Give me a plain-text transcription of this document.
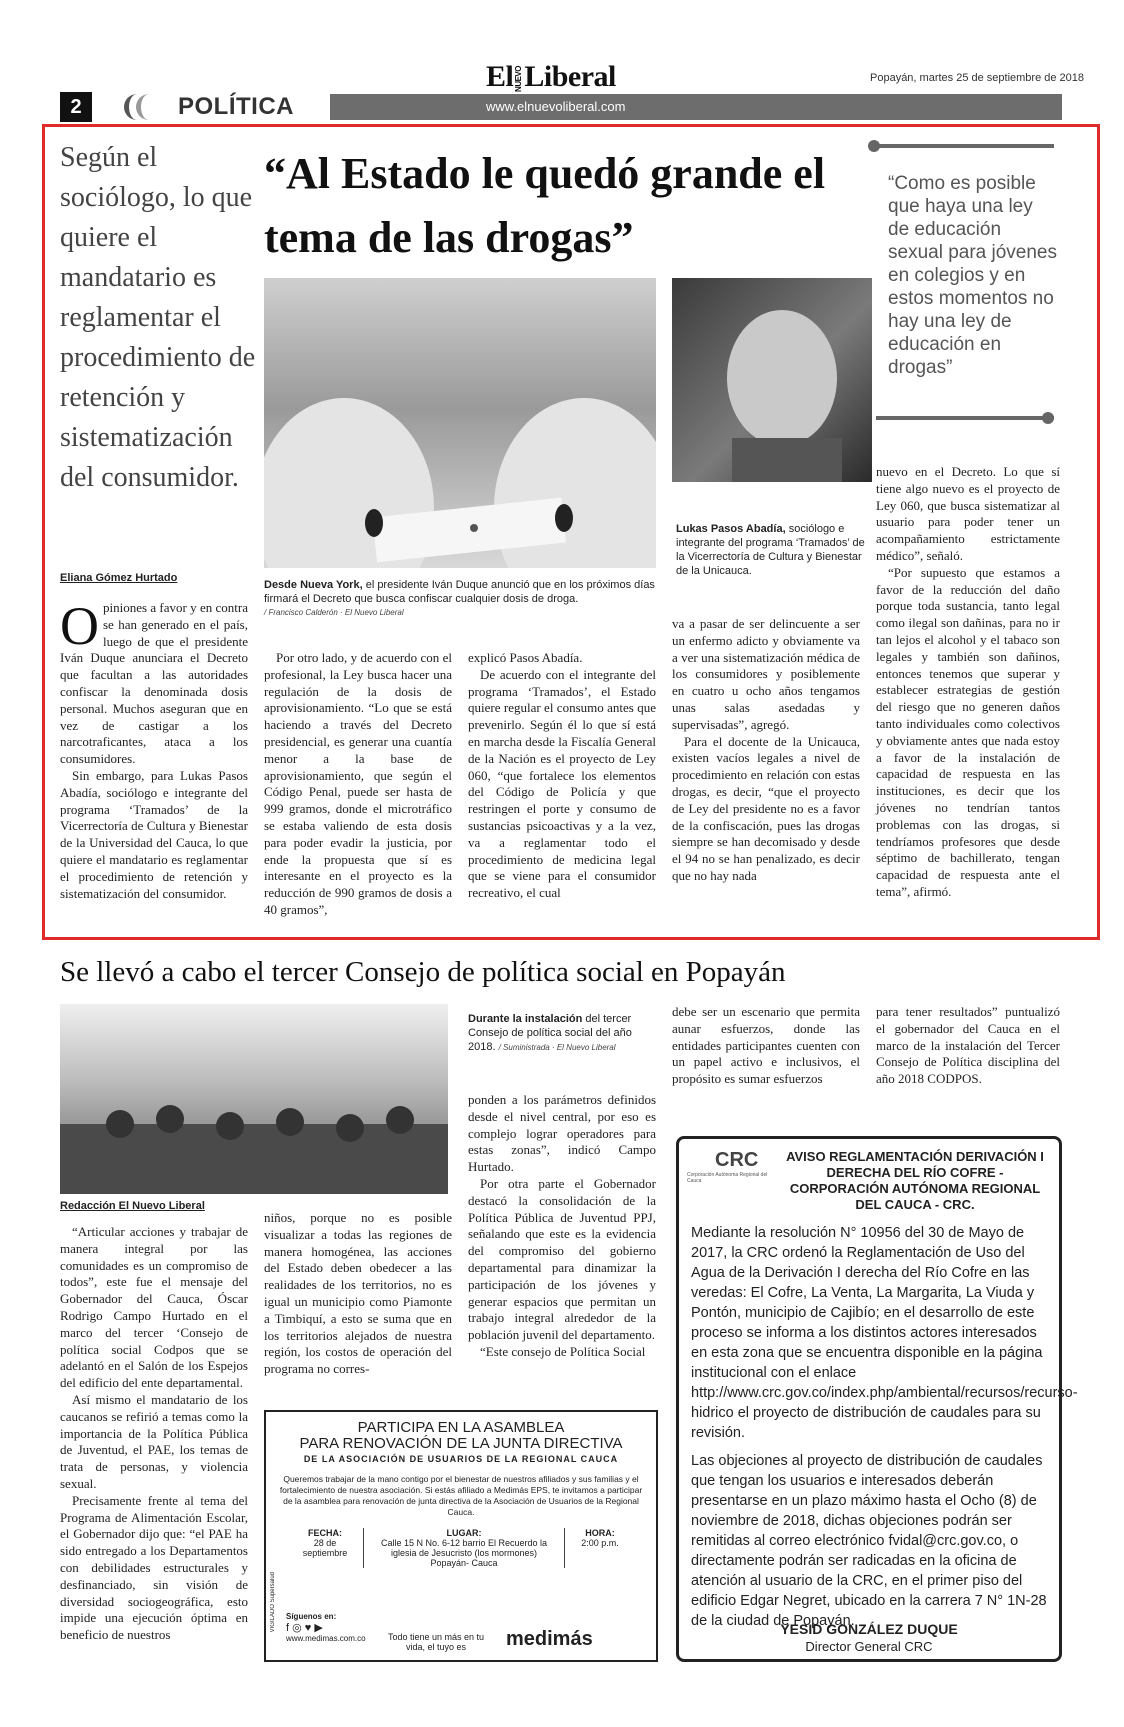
2	POLÍTICA	www.elnuevoliberal.com
ElNUEVOLiberal	Popayán, martes 25 de septiembre de 2018
Según el sociólogo, lo que quiere el mandatario es reglamentar el procedimiento de retención y sistematización del consumidor.
“Al Estado le quedó grande el tema de las drogas”
“Como es posible que haya una ley de educación sexual para jóvenes en colegios y en estos momentos no hay una ley de educación en drogas”
Desde Nueva York, el presidente Iván Duque anunció que en los próximos días firmará el Decreto que busca confiscar cualquier dosis de droga.
/ Francisco Calderón · El Nuevo Liberal
Lukas Pasos Abadía, sociólogo e integrante del programa ‘Tramados’ de la Vicerrectoría de Cultura y Bienestar de la Unicauca.
Eliana Gómez Hurtado
O piniones a favor y en contra se han generado en el país, luego de que el presidente Iván Duque anunciara el Decreto que facultan a las autoridades confiscar la denominada dosis personal. Muchos aseguran que en vez de castigar a los narcotraficantes, ataca a los consumidores.

Sin embargo, para Lukas Pasos Abadía, sociólogo e integrante del programa ‘Tramados’ de la Vicerrectoría de Cultura y Bienestar de la Universidad del Cauca, lo que quiere el mandatario es reglamentar el procedimiento de retención y sistematización del consumidor.

Por otro lado, y de acuerdo con el profesional, la Ley busca hacer una regulación de la dosis de aprovisionamiento. “Lo que se está haciendo a través del Decreto presidencial, es generar una cuantía menor a la base de aprovisionamiento, que según el Código Penal, puede ser hasta de 999 gramos, donde el microtráfico se estaba valiendo de esta dosis para poder evadir la justicia, por ende la propuesta que sí es interesante en el proyecto es la reducción de 990 gramos de dosis a 40 gramos”,

explicó Pasos Abadía.

De acuerdo con el integrante del programa ‘Tramados’, el Estado quiere regular el consumo antes que prevenirlo. Según él lo que sí está en marcha desde la Fiscalía General de la Nación es el proyecto de Ley 060, “que fortalece los elementos del Código de Policía y que restringen el porte y consumo de sustancias psicoactivas y a la vez, va a reglamentar todo el procedimiento de medicina legal que se viene para el consumidor recreativo, el cual

va a pasar de ser delincuente a ser un enfermo adicto y obviamente va a ver una sistematización médica de los consumidores y posiblemente en cuatro u ocho años tengamos unas salas asedadas y supervisadas”, agregó.

Para el docente de la Unicauca, existen vacíos legales a nivel de procedimiento en relación con estas drogas, es decir, “que el proyecto de Ley del presidente no es a favor de la confiscación, pues las drogas siempre se han decomisado y desde el 94 no se han penalizado, es decir que no hay nada

nuevo en el Decreto. Lo que sí tiene algo nuevo es el proyecto de Ley 060, que busca sistematizar al usuario para poder tener un acompañamiento estrictamente médico”, señaló.

“Por supuesto que estamos a favor de la reducción del daño porque toda sustancia, tanto legal como ilegal son dañinas, para no ir tan lejos el alcohol y el tabaco son legales y también son dañinos, entonces tenemos que superar y establecer estrategias de gestión del riesgo que no generen daños tanto individuales como colectivos y obviamente antes que nada estoy a favor de la instalación de capacidad de respuesta en las instituciones, es decir que los jóvenes no tendrían tantos problemas con las drogas, si tendríamos profesores que desde séptimo de bachillerato, tengan capacidad de respuesta ante el tema”, afirmó.

Se llevó a cabo el tercer Consejo de política social en Popayán
Durante la instalación del tercer Consejo de política social del año 2018. / Suministrada · El Nuevo Liberal
Redacción El Nuevo Liberal

“Articular acciones y trabajar de manera integral por las comunidades es un compromiso de todos”, este fue el mensaje del Gobernador del Cauca, Óscar Rodrigo Campo Hurtado en el marco del tercer ‘Consejo de política social Codpos que se adelantó en el Salón de los Espejos del edificio del ente departamental.

Así mismo el mandatario de los caucanos se refirió a temas como la importancia de la Política Pública de Juventud, el PAE, los temas de trata de personas, y violencia sexual.

Precisamente frente al tema del Programa de Alimentación Escolar, el Gobernador dijo que: “el PAE ha sido entregado a los Departamentos con debilidades estructurales y desfinanciado, sin visión de diversidad sociogeográfica, esto impide una ejecución óptima en beneficio de nuestros

niños, porque no es posible visualizar a todas las regiones de manera homogénea, las acciones del Estado deben obedecer a las realidades de los territorios, no es igual un municipio como Piamonte a Timbiquí, a esto se suma que en los territorios alejados de nuestra región, los costos de operación del programa no corres-

ponden a los parámetros definidos desde el nivel central, por eso es complejo lograr operadores para estas zonas”, indicó Campo Hurtado.

Por otra parte el Gobernador destacó la consolidación de la Política Pública de Juventud PPJ, señalando que este es la evidencia del compromiso del gobierno departamental para dinamizar la participación de los jóvenes y generar espacios que permitan un trabajo integral alrededor de la población juvenil del departamento.

“Este consejo de Política Social

debe ser un escenario que permita aunar esfuerzos, donde las entidades participantes cuenten con un papel activo e inclusivos, el propósito es sumar esfuerzos

para tener resultados” puntualizó el gobernador del Cauca en el marco de la instalación del Tercer Consejo de Política disciplina del año 2018 CODPOS.

PARTICIPA EN LA ASAMBLEA
PARA RENOVACIÓN DE LA JUNTA DIRECTIVA
DE LA ASOCIACIÓN DE USUARIOS DE LA REGIONAL CAUCA
Queremos trabajar de la mano contigo por el bienestar de nuestros afiliados y sus familias y el fortalecimiento de nuestra asociación. Si estás afiliado a Medimás EPS, te invitamos a participar de la asamblea para renovación de junta directiva de la Asociación de Usuarios de la Regional Cauca.
FECHA:
28 de septiembre
LUGAR:
Calle 15 N No. 6-12 barrio El Recuerdo la iglesia de Jesucristo (los mormones) Popayán- Cauca
HORA:
2:00 p.m.
VIGILADO Supersalud Síguenos en:
f ◎ ♥ ▶
www.medimas.com.co Todo tiene un más en tu vida, el tuyo es	medimás
CRC
Corporación Autónoma Regional del Cauca
AVISO REGLAMENTACIÓN DERIVACIÓN I DERECHA DEL RÍO COFRE - CORPORACIÓN AUTÓNOMA REGIONAL DEL CAUCA - CRC.

Mediante la resolución N° 10956 del 30 de Mayo de 2017, la CRC ordenó la Reglamentación de Uso del Agua de la Derivación I derecha del Río Cofre en las veredas: El Cofre, La Venta, La Margarita, La Viuda y Pontón, municipio de Cajibío; en el desarrollo de este proceso se informa a los distintos actores interesados en esta zona que se encuentra disponible en la página institucional con el enlace http://www.crc.gov.co/index.php/ambiental/recursos/recurso-hidrico el proyecto de distribución de caudales para su revisión.

Las objeciones al proyecto de distribución de caudales que tengan los usuarios e interesados deberán presentarse en un plazo máximo hasta el Ocho (8) de noviembre de 2018, dichas objeciones podrán ser remitidas al correo electrónico fvidal@crc.gov.co, o directamente podrán ser radicadas en la oficina de atención al usuario de la CRC, en el primer piso del edificio Edgar Negret, ubicado en la carrera 7 N° 1N-28 de la ciudad de Popayán.

YESID GONZÁLEZ DUQUE
Director General CRC
